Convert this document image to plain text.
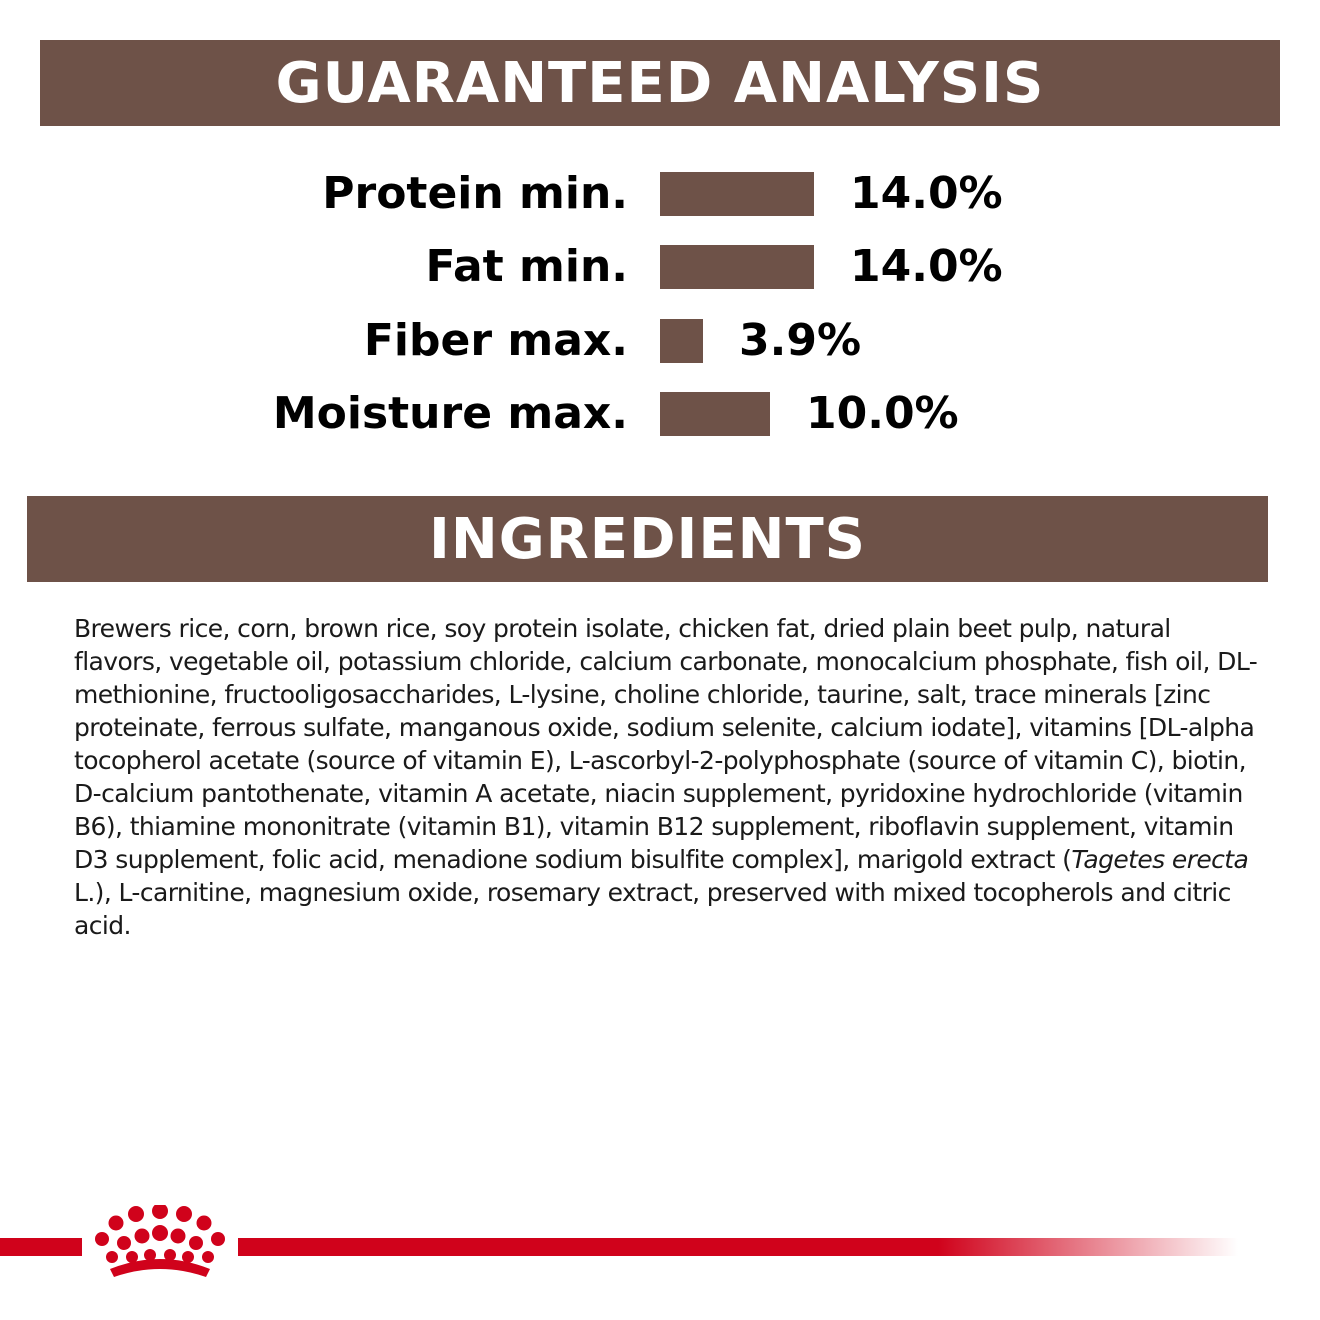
GUARANTEED ANALYSIS
Protein min.	14.0%
Fat min.	14.0%
Fiber max.	3.9%
Moisture max.	10.0%
INGREDIENTS
Brewers rice, corn, brown rice, soy protein isolate, chicken fat, dried plain beet pulp, natural flavors, vegetable oil, potassium chloride, calcium carbonate, monocalcium phosphate, fish oil, DL-methionine, fructooligosaccharides, L-lysine, choline chloride, taurine, salt, trace minerals [zinc proteinate, ferrous sulfate, manganous oxide, sodium selenite, calcium iodate], vitamins [DL-alpha tocopherol acetate (source of vitamin E), L-ascorbyl-2-polyphosphate (source of vitamin C), biotin, D-calcium pantothenate, vitamin A acetate, niacin supplement, pyridoxine hydrochloride (vitamin B6), thiamine mononitrate (vitamin B1), vitamin B12 supplement, riboflavin supplement, vitamin D3 supplement, folic acid, menadione sodium bisulfite complex], marigold extract (Tagetes erecta L.), L-carnitine, magnesium oxide, rosemary extract, preserved with mixed tocopherols and citric acid.
